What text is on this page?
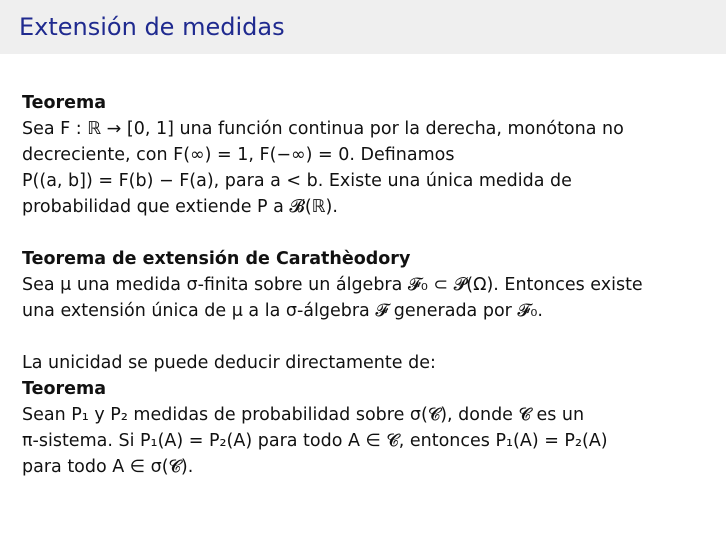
Extensión de medidas
Teorema
Sea F : ℝ → [0, 1] una función continua por la derecha, monótona no
decreciente, con F(∞) = 1, F(−∞) = 0. Definamos
P((a, b]) = F(b) − F(a), para a < b. Existe una única medida de
probabilidad que extiende P a 𝓑(ℝ).
Teorema de extensión de Carathèodory
Sea μ una medida σ-finita sobre un álgebra 𝓕₀ ⊂ 𝓟(Ω). Entonces existe
una extensión única de μ a la σ-álgebra 𝓕 generada por 𝓕₀.
La unicidad se puede deducir directamente de:
Teorema
Sean P₁ y P₂ medidas de probabilidad sobre σ(𝓒), donde 𝓒 es un
π-sistema. Si P₁(A) = P₂(A) para todo A ∈ 𝓒, entonces P₁(A) = P₂(A)
para todo A ∈ σ(𝓒).
